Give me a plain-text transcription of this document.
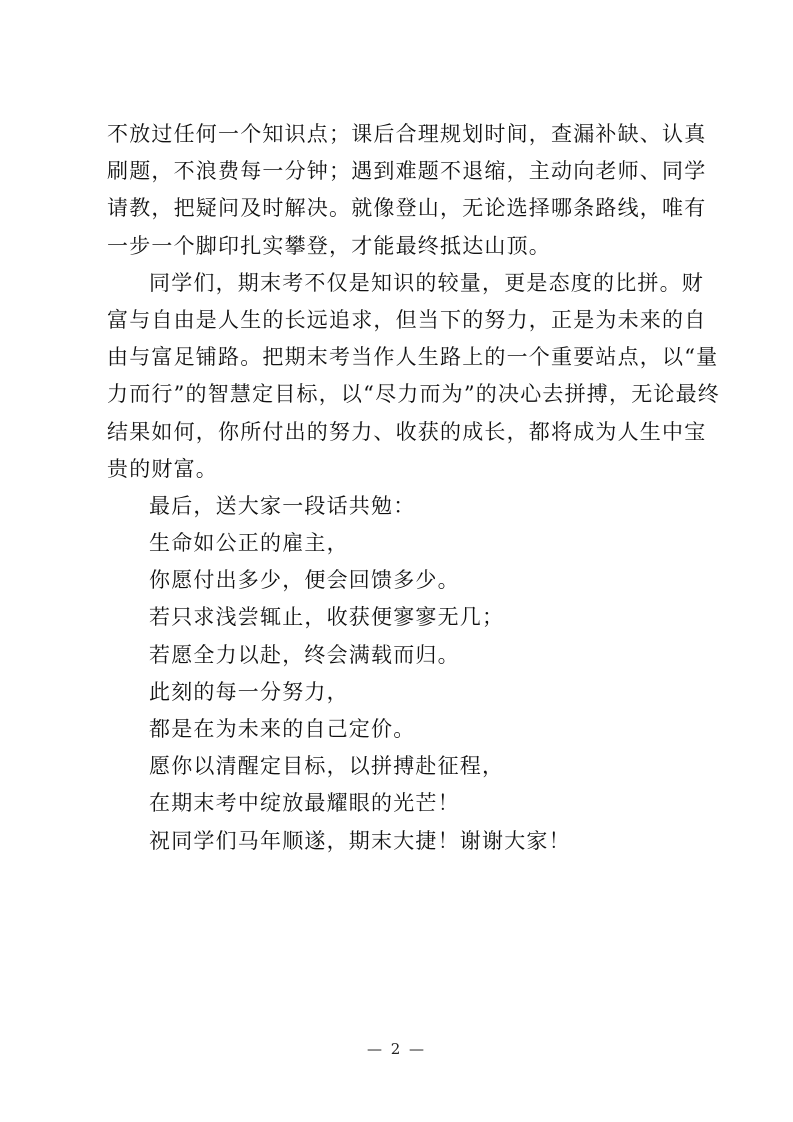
不放过任何一个知识点；课后合理规划时间，查漏补缺、认真
刷题，不浪费每一分钟；遇到难题不退缩，主动向老师、同学
请教，把疑问及时解决。就像登山，无论选择哪条路线，唯有
一步一个脚印扎实攀登，才能最终抵达山顶。
同学们，期末考不仅是知识的较量，更是态度的比拼。财
富与自由是人生的长远追求，但当下的努力，正是为未来的自
由与富足铺路。把期末考当作人生路上的一个重要站点，以“量
力而行”的智慧定目标，以“尽力而为”的决心去拼搏，无论最终
结果如何，你所付出的努力、收获的成长，都将成为人生中宝
贵的财富。
最后，送大家一段话共勉：
生命如公正的雇主，
你愿付出多少，便会回馈多少。
若只求浅尝辄止，收获便寥寥无几；
若愿全力以赴，终会满载而归。
此刻的每一分努力，
都是在为未来的自己定价。
愿你以清醒定目标，以拼搏赴征程，
在期末考中绽放最耀眼的光芒！
祝同学们马年顺遂，期末大捷！谢谢大家！
— 2 —
